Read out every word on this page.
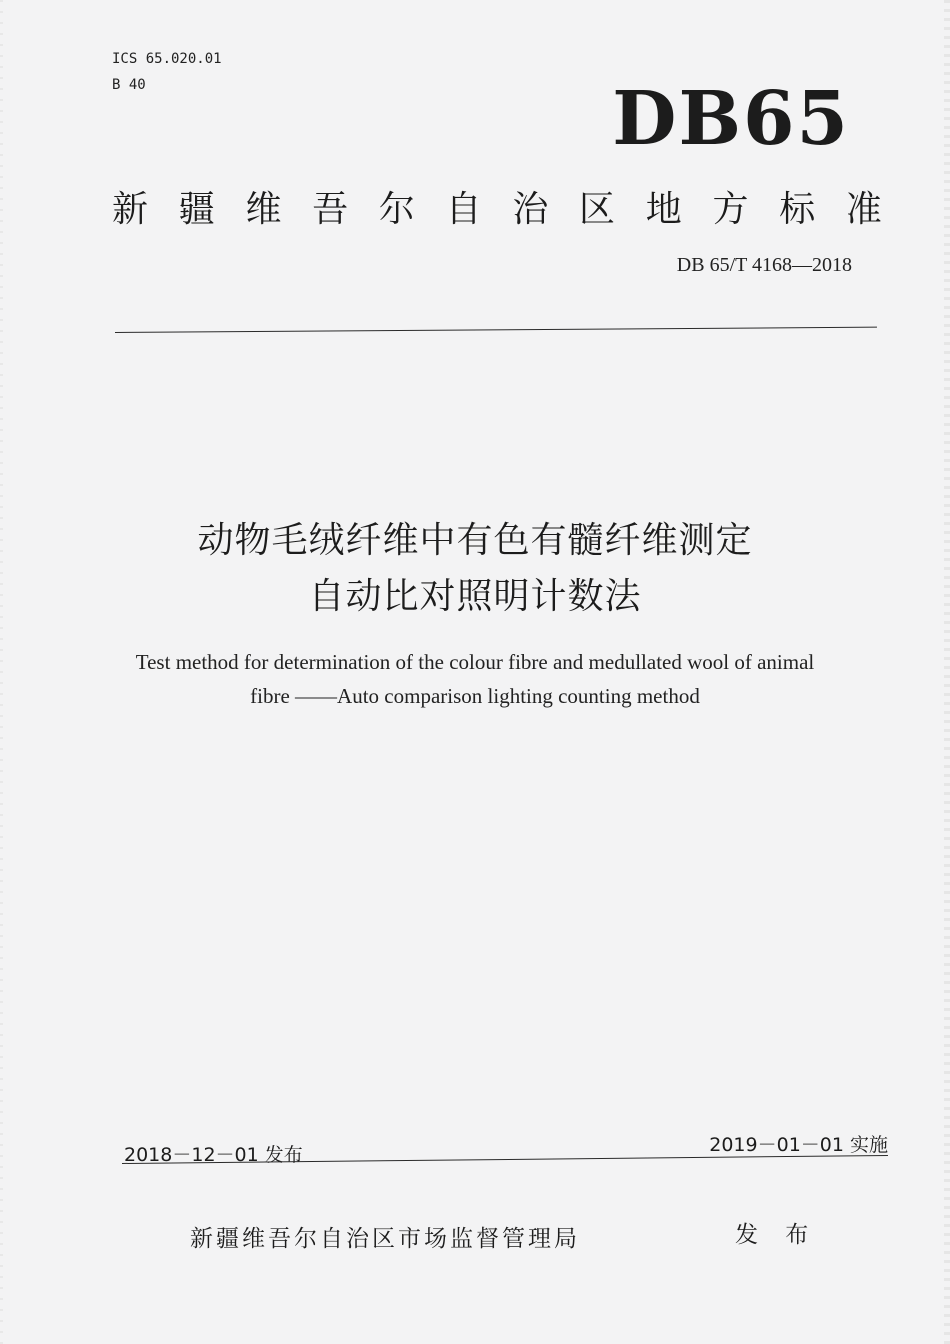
ICS 65.020.01
B 40	DB65
新 疆 维 吾 尔 自 治 区 地 方 标 准
DB 65/T 4168—2018
动物毛绒纤维中有色有髓纤维测定
自动比对照明计数法
Test method for determination of the colour fibre and medullated wool of animal
fibre ——Auto comparison lighting counting method
2018－12－01 发布	2019－01－01 实施
新疆维吾尔自治区市场监督管理局	发 布
